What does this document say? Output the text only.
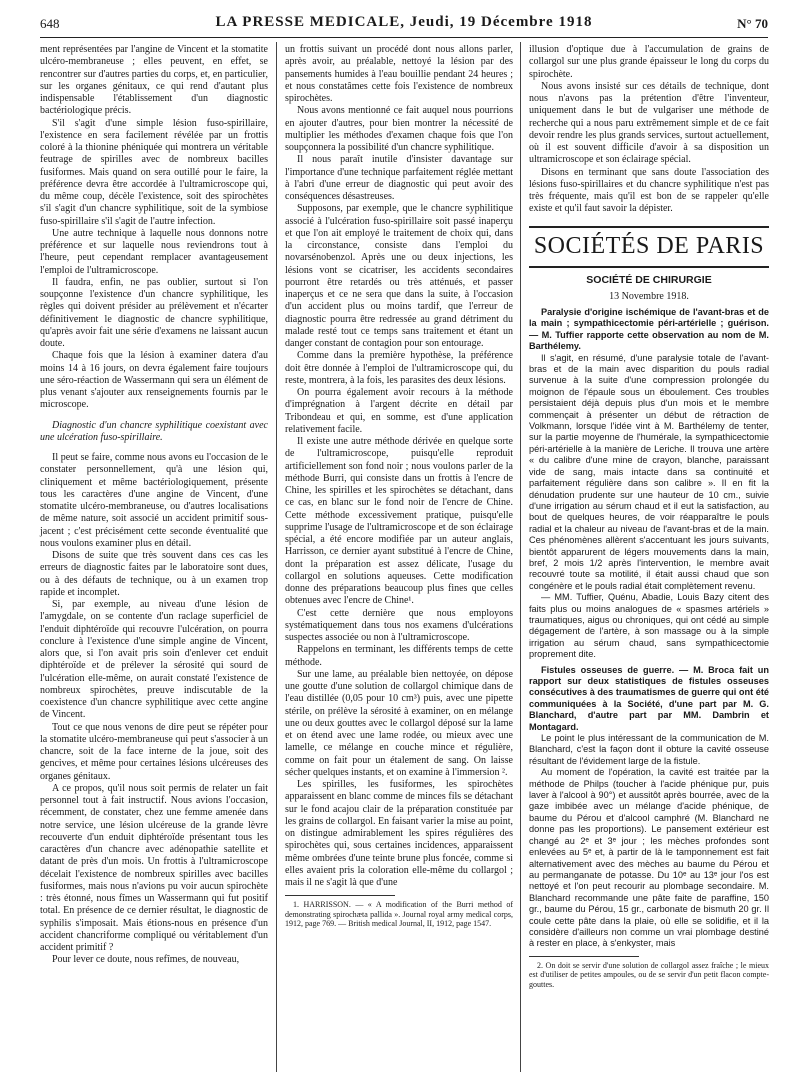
648	LA PRESSE MEDICALE, Jeudi, 19 Décembre 1918	N° 70

ment représentées par l'angine de Vincent et la stomatite ulcéro-membraneuse ; elles peuvent, en effet, se rencontrer sur d'autres parties du corps, et, en particulier, sur les organes génitaux, ce qui rend d'autant plus indispensable l'établissement d'un diagnostic bactériologique précis.

S'il s'agit d'une simple lésion fuso-spirillaire, l'existence en sera facilement révélée par un frottis coloré à la thionine phéniquée qui montrera un véritable feutrage de spirilles avec de nombreux bacilles fusiformes. Mais quand on sera outillé pour le faire, la préférence devra être accordée à l'ultramicroscope qui, du même coup, décèle l'existence, soit des spirochètes s'il s'agit d'un chancre syphilitique, soit de la symbiose fuso-spirillaire s'il s'agit de l'autre infection.

Une autre technique à laquelle nous donnons notre préférence et sur laquelle nous reviendrons tout à l'heure, peut cependant remplacer avantageusement l'emploi de l'ultramicroscope.

Il faudra, enfin, ne pas oublier, surtout si l'on soupçonne l'existence d'un chancre syphilitique, les règles qui doivent présider au prélèvement et n'écarter définitivement le diagnostic de chancre syphilitique, qu'après avoir fait une série d'examens ne laissant aucun doute.

Chaque fois que la lésion à examiner datera d'au moins 14 à 16 jours, on devra également faire toujours une séro-réaction de Wassermann qui sera un élément de plus venant s'ajouter aux renseignements fournis par le microscope.

Diagnostic d'un chancre syphilitique coexistant avec une ulcération fuso-spirillaire.

Il peut se faire, comme nous avons eu l'occasion de le constater personnellement, qu'à une lésion qui, cliniquement et même bactériologiquement, présente tous les caractères d'une angine de Vincent, d'une stomatite ulcéro-membraneuse, ou d'autres localisations de même nature, soit associé un accident primitif sous-jacent ; c'est précisément cette seconde éventualité que nous voulons examiner plus en détail.

Disons de suite que très souvent dans ces cas les erreurs de diagnostic faites par le laboratoire sont dues, ou à des défauts de technique, ou à un examen trop rapide et incomplet.

Si, par exemple, au niveau d'une lésion de l'amygdale, on se contente d'un raclage superficiel de l'enduit diphtéroïde qui recouvre l'ulcération, on pourra conclure à l'existence d'une simple angine de Vincent, alors que, si l'on avait pris soin d'enlever cet enduit diphtéroïde et de prélever la sérosité qui sourd de l'ulcération elle-même, on aurait constaté l'existence de nombreux spirochètes, preuve indiscutable de la coexistence d'un chancre syphilitique avec cette angine de Vincent.

Tout ce que nous venons de dire peut se répéter pour la stomatite ulcéro-membraneuse qui peut s'associer à un chancre, soit de la face interne de la joue, soit des gencives, et même pour certaines lésions ulcéreuses des organes génitaux.

A ce propos, qu'il nous soit permis de relater un fait personnel tout à fait instructif. Nous avions l'occasion, récemment, de constater, chez une femme amenée dans notre service, une lésion ulcéreuse de la grande lèvre recouverte d'un enduit diphtéroïde présentant tous les caractères d'un chancre avec adénopathie satellite et datant de près d'un mois. Un frottis à l'ultramicroscope décelait l'existence de nombreux spirilles avec bacilles fusiformes, mais nous n'avions pu voir aucun spirochète : très étonné, nous fîmes un Wassermann qui fut positif total. En présence de ce dernier résultat, le diagnostic de syphilis s'imposait. Mais étions-nous en présence d'un accident chancriforme compliqué ou véritablement d'un accident primitif ?

Pour lever ce doute, nous refîmes, de nouveau,

un frottis suivant un procédé dont nous allons parler, après avoir, au préalable, nettoyé la lésion par des pansements humides à l'eau bouillie pendant 24 heures ; et nous constatâmes cette fois l'existence de nombreux spirochètes.

Nous avons mentionné ce fait auquel nous pourrions en ajouter d'autres, pour bien montrer la nécessité de multiplier les méthodes d'examen chaque fois que l'on soupçonnera la possibilité d'un chancre syphilitique.

Il nous paraît inutile d'insister davantage sur l'importance d'une technique parfaitement réglée mettant à l'abri d'une erreur de diagnostic qui peut avoir des conséquences désastreuses.

Supposons, par exemple, que le chancre syphilitique associé à l'ulcération fuso-spirillaire soit passé inaperçu et que l'on ait employé le traitement de choix qui, dans la circonstance, consiste dans l'emploi du novarsénobenzol. Après une ou deux injections, les lésions vont se cicatriser, les accidents secondaires pourront être retardés ou très atténués, et passer inaperçus et ce ne sera que dans la suite, à l'occasion d'un accident plus ou moins tardif, que l'erreur de diagnostic pourra être redressée au grand détriment du malade resté tout ce temps sans traitement et étant un danger constant de contagion pour son entourage.

Comme dans la première hypothèse, la préférence doit être donnée à l'emploi de l'ultramicroscope qui, du reste, montrera, à la fois, les parasites des deux lésions.

On pourra également avoir recours à la méthode d'imprégnation à l'argent décrite en détail par Tribondeau et qui, en somme, est d'une application relativement facile.

Il existe une autre méthode dérivée en quelque sorte de l'ultramicroscope, puisqu'elle reproduit artificiellement son fond noir ; nous voulons parler de la méthode Burri, qui consiste dans un frottis à l'encre de Chine, les spirilles et les spirochètes se détachant, dans ce cas, en blanc sur le fond noir de l'encre de Chine. Cette méthode excessivement pratique, puisqu'elle supprime l'usage de l'ultramicroscope et de son éclairage spécial, a été encore modifiée par un auteur anglais, Harrisson, ce dernier ayant substitué à l'encre de Chine, dont la préparation est assez délicate, l'usage du collargol en solutions aqueuses. Cette modification donne des préparations beaucoup plus fines que celles obtenues avec l'encre de Chine¹.

C'est cette dernière que nous employons systématiquement dans tous nos examens d'ulcérations suspectes associée ou non à l'ultramicroscope.

Rappelons en terminant, les différents temps de cette méthode.

Sur une lame, au préalable bien nettoyée, on dépose une goutte d'une solution de collargol chimique dans de l'eau distillée (0,05 pour 10 cm³) puis, avec une pipette stérile, on prélève la sérosité à examiner, on en mélange une ou deux gouttes avec le collargol déposé sur la lame et on étend avec une lame rodée, ou mieux avec une lamelle, ce mélange en couche mince et régulière, comme on fait pour un étalement de sang. On laisse sécher quelques instants, et on examine à l'immersion ².

Les spirilles, les fusiformes, les spirochètes apparaissent en blanc comme de minces fils se détachant sur le fond acajou clair de la préparation constituée par les grains de collargol. En faisant varier la mise au point, on distingue admirablement les spires régulières des spirochètes qui, sous certaines incidences, apparaissent même ombrées d'une teinte brune plus foncée, comme si elles avaient pris la coloration elle-même du collargol ; mais il ne s'agit là que d'une

1. HARRISSON. — « A modification of the Burri method of demonstrating spirochæta pallida ». Journal royal army medical corps, 1912, page 769. — British medical Journal, II, 1912, page 1547.

illusion d'optique due à l'accumulation de grains de collargol sur une plus grande épaisseur le long du corps du spirochète.

Nous avons insisté sur ces détails de technique, dont nous n'avons pas la prétention d'être l'inventeur, uniquement dans le but de vulgariser une méthode de recherche qui a nous paru extrêmement simple et de ce fait devoir rendre les plus grands services, surtout actuellement, où il est souvent difficile d'avoir à sa disposition un ultramicroscope et son éclairage spécial.

Disons en terminant que sans doute l'association des lésions fuso-spirillaires et du chancre syphilitique n'est pas très fréquente, mais qu'il est bon de se rappeler qu'elle existe et qu'il faut savoir la dépister.

SOCIÉTÉS DE PARIS
SOCIÉTÉ DE CHIRURGIE
13 Novembre 1918.

Paralysie d'origine ischémique de l'avant-bras et de la main ; sympathicectomie péri-artérielle ; guérison. — M. Tuffier rapporte cette observation au nom de M. Barthélemy.

Il s'agit, en résumé, d'une paralysie totale de l'avant-bras et de la main avec disparition du pouls radial survenue à la suite d'une compression prolongée du moignon de l'épaule sous un éboulement. Ces troubles persistaient déjà depuis plus d'un mois et le membre commençait à présenter un début de rétraction de Volkmann, lorsque l'idée vint à M. Barthélemy de tenter, sur la partie moyenne de l'humérale, la sympathicectomie péri-artérielle à la manière de Leriche. Il trouva une artère « du calibre d'une mine de crayon, blanche, paraissant vide de sang, mais intacte dans sa continuité et parfaitement régulière dans son calibre ». Il en fit la dénudation prudente sur une hauteur de 10 cm., suivie d'une irrigation au sérum chaud et il eut la satisfaction, au bout de quelques heures, de voir réapparaître le pouls radial et la chaleur au niveau de l'avant-bras et de la main. Ces phénomènes allèrent s'accentuant les jours suivants, bientôt apparurent de légers mouvements dans la main, bref, 2 mois 1/2 après l'intervention, le membre avait recouvré toute sa motilité, il était aussi chaud que son congénère et le pouls radial était complètement revenu.

— MM. Tuffier, Quénu, Abadie, Louis Bazy citent des faits plus ou moins analogues de « spasmes artériels » traumatiques, aigus ou chroniques, qui ont cédé au simple dégagement de l'artère, à son massage ou à la simple irrigation au sérum chaud, sans sympathicectomie proprement dite.

Fistules osseuses de guerre. — M. Broca fait un rapport sur deux statistiques de fistules osseuses consécutives à des traumatismes de guerre qui ont été communiquées à la Société, d'une part par M. G. Blanchard, d'autre part par MM. Dambrin et Montagard.

Le point le plus intéressant de la communication de M. Blanchard, c'est la façon dont il obture la cavité osseuse résultant de l'évidement large de la fistule.

Au moment de l'opération, la cavité est traitée par la méthode de Philps (toucher à l'acide phénique pur, puis laver à l'alcool à 90°) et aussitôt après bourrée, avec de la gaze imbibée avec un mélange d'acide phénique, de baume du Pérou et d'alcool camphré (M. Blanchard ne donne pas les proportions). Le pansement extérieur est changé au 2ᵉ et 3ᵉ jour ; les mèches profondes sont enlevées au 5ᵉ et, à partir de là le tamponnement est fait alternativement avec des mèches au baume du Pérou et au permanganate de potasse. Du 10ᵉ au 13ᵉ jour l'os est nettoyé et l'on peut recourir au plombage secondaire. M. Blanchard recommande une pâte faite de paraffine, 150 gr., baume du Pérou, 15 gr., carbonate de bismuth 20 gr. Il coule cette pâte dans la plaie, où elle se solidifie, et il la considère d'ailleurs non comme un vrai plombage destiné à rester en place, à s'enkyster, mais

2. On doit se servir d'une solution de collargol assez fraîche ; le mieux est d'utiliser de petites ampoules, ou de se servir d'un petit flacon compte-gouttes.
